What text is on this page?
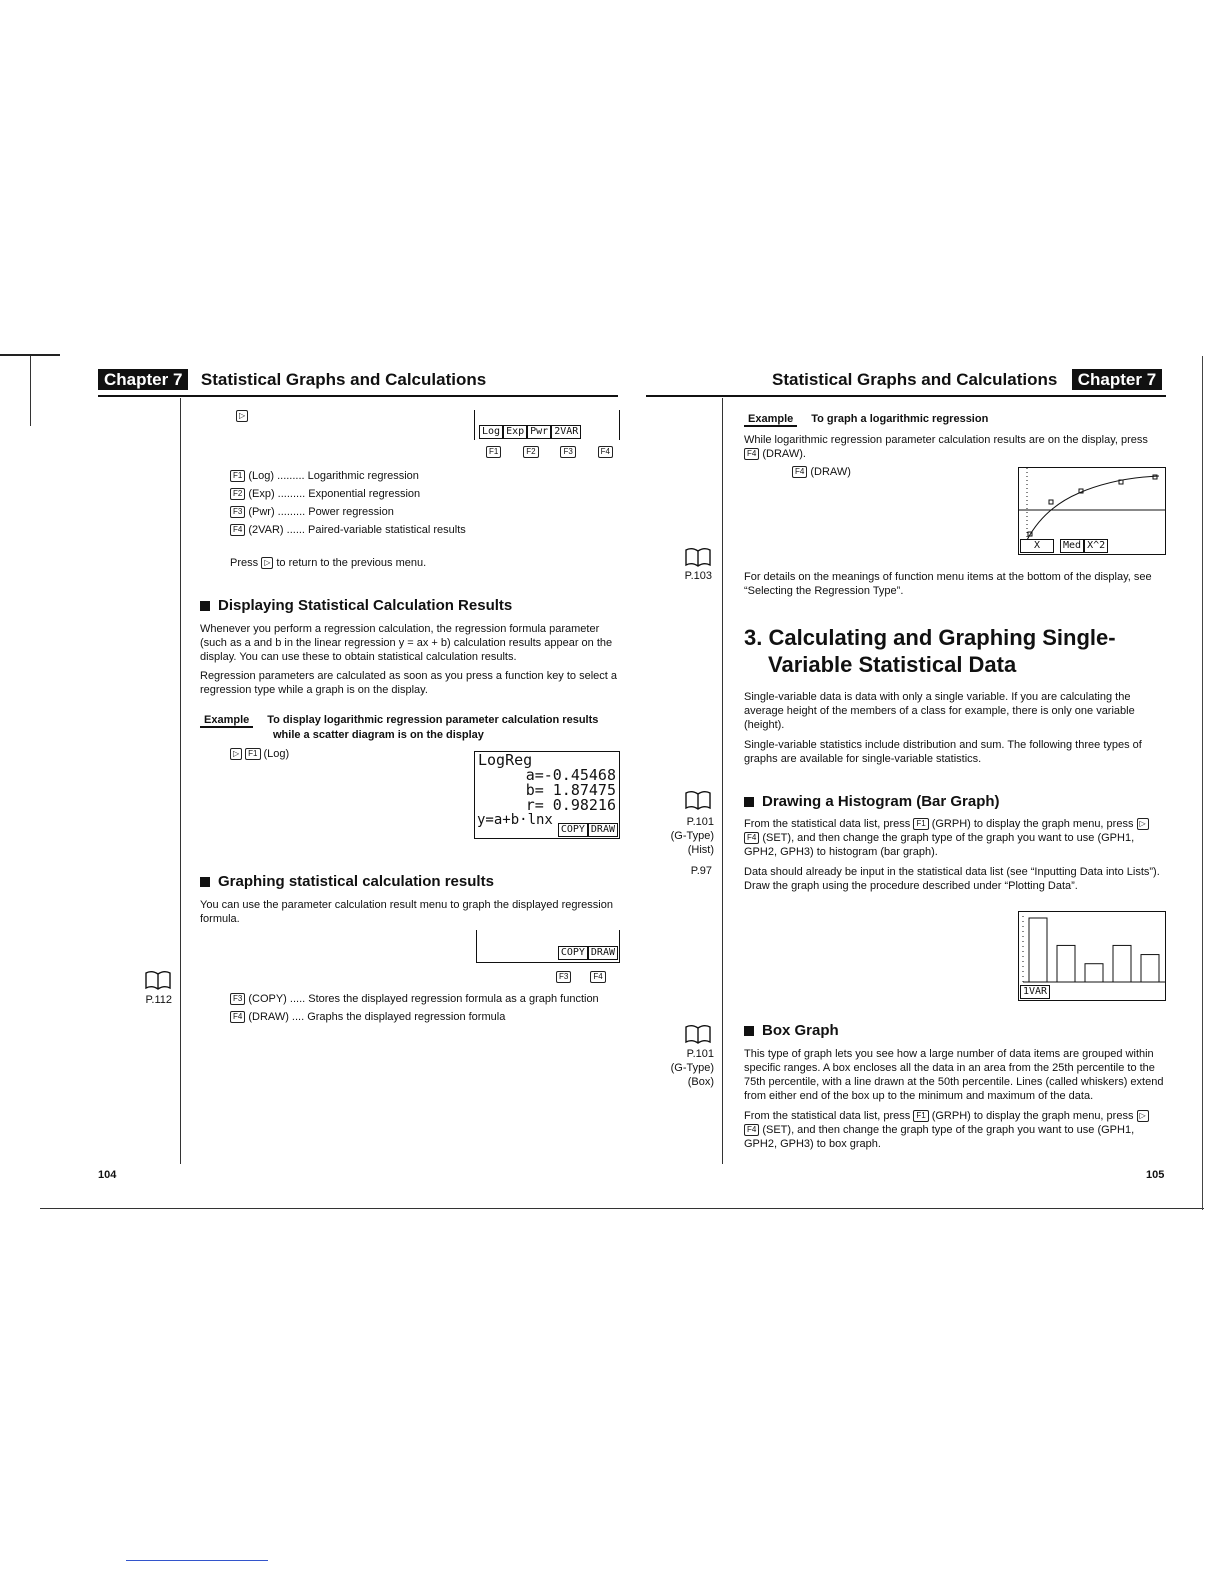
Chapter 7 Statistical Graphs and Calculations
▷
Log Exp Pwr 2VAR
F1	F2	F3	F4
F1 (Log) ......... Logarithmic regression
F2 (Exp) ......... Exponential regression
F3 (Pwr) ......... Power regression
F4 (2VAR) ...... Paired-variable statistical results
Press ▷ to return to the previous menu.
Displaying Statistical Calculation Results
Whenever you perform a regression calculation, the regression formula parameter (such as a and b in the linear regression y = ax + b) calculation results appear on the display. You can use these to obtain statistical calculation results.
Regression parameters are calculated as soon as you press a function key to select a regression type while a graph is on the display.
Example To display logarithmic regression parameter calculation results
while a scatter diagram is on the display
▷ F1 (Log)	LogReg
a=-0.45468
b= 1.87475
r= 0.98216
y=a+b·lnx
COPY DRAW
Graphing statistical calculation results
You can use the parameter calculation result menu to graph the displayed regression formula.
COPY DRAW
F3	F4
F3 (COPY) ..... Stores the displayed regression formula as a graph function
F4 (DRAW) .... Graphs the displayed regression formula
P.112
104
Statistical Graphs and Calculations Chapter 7
Example To graph a logarithmic regression
While logarithmic regression parameter calculation results are on the display, press
F4 (DRAW).
F4 (DRAW)
X Med X^2
P.103	For details on the meanings of function menu items at the bottom of the display, see “Selecting the Regression Type”.
3. Calculating and Graphing Single-
Variable Statistical Data
Single-variable data is data with only a single variable. If you are calculating the average height of the members of a class for example, there is only one variable (height).
Single-variable statistics include distribution and sum. The following three types of graphs are available for single-variable statistics.
P.101
(G-Type)
(Hist)
P.97
Drawing a Histogram (Bar Graph)
From the statistical data list, press F1 (GRPH) to display the graph menu, press ▷F4 (SET), and then change the graph type of the graph you want to use (GPH1, GPH2, GPH3) to histogram (bar graph).
Data should already be input in the statistical data list (see “Inputting Data into Lists”). Draw the graph using the procedure described under “Plotting Data”.
1VAR
P.101
(G-Type)
(Box)
Box Graph
This type of graph lets you see how a large number of data items are grouped within specific ranges. A box encloses all the data in an area from the 25th percentile to the 75th percentile, with a line drawn at the 50th percentile. Lines (called whiskers) extend from either end of the box up to the minimum and maximum of the data.
From the statistical data list, press F1 (GRPH) to display the graph menu, press ▷F4 (SET), and then change the graph type of the graph you want to use (GPH1, GPH2, GPH3) to box graph.
105
